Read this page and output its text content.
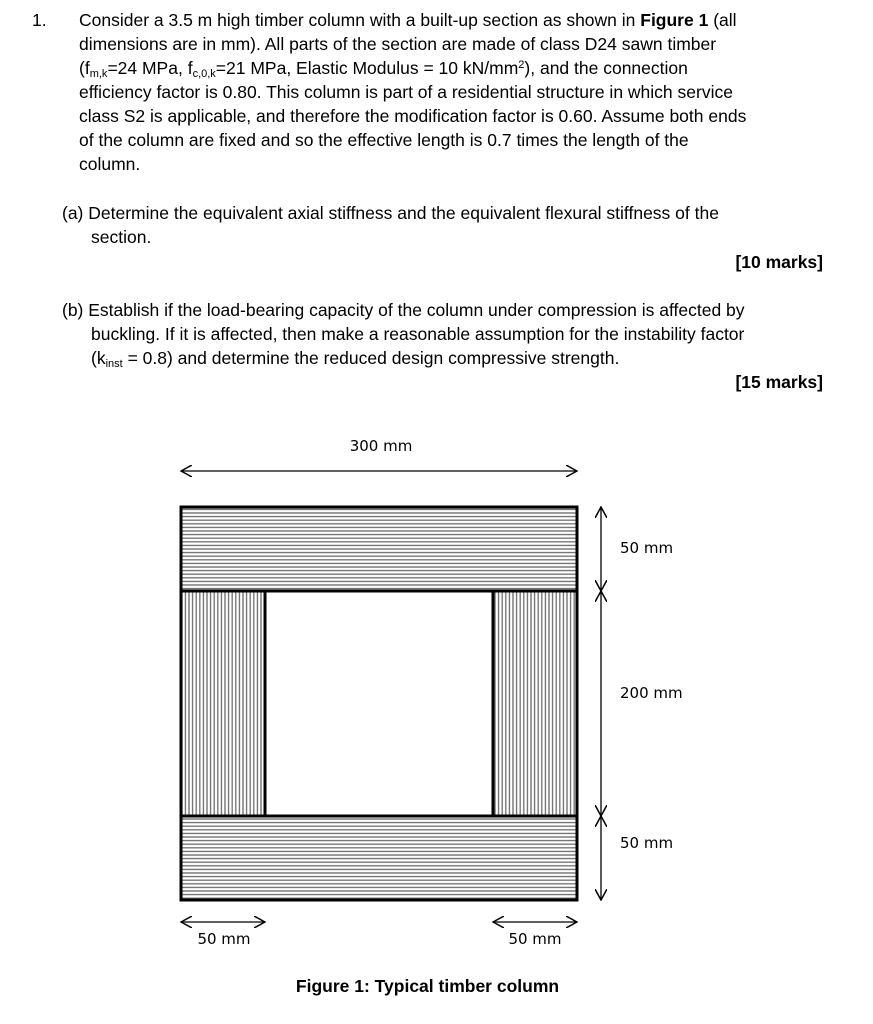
1. Consider a 3.5 m high timber column with a built-up section as shown in Figure 1 (all
dimensions are in mm). All parts of the section are made of class D24 sawn timber
($f_{m,k}=24$ MPa, $f_{c,0,k}=21$ MPa, Elastic Modulus = 10 $kN/mm^2$), and the connection
efficiency factor is 0.80. This column is part of a residential structure in which service
class S2 is applicable, and therefore the modification factor is 0.60. Assume both ends
of the column are fixed and so the effective length is 0.7 times the length of the
column.
(a) Determine the equivalent axial stiffness and the equivalent flexural stiffness of the
section.
[10 marks]
(b) Establish if the load-bearing capacity of the column under compression is affected by
buckling. If it is affected, then make a reasonable assumption for the instability factor
$(k_{inst} = 0.8)$ and determine the reduced design compressive strength.
[15 marks]
300 mm
50 mm
200 mm
50 mm
50 mm	50 mm
Figure 1: Typical timber column
